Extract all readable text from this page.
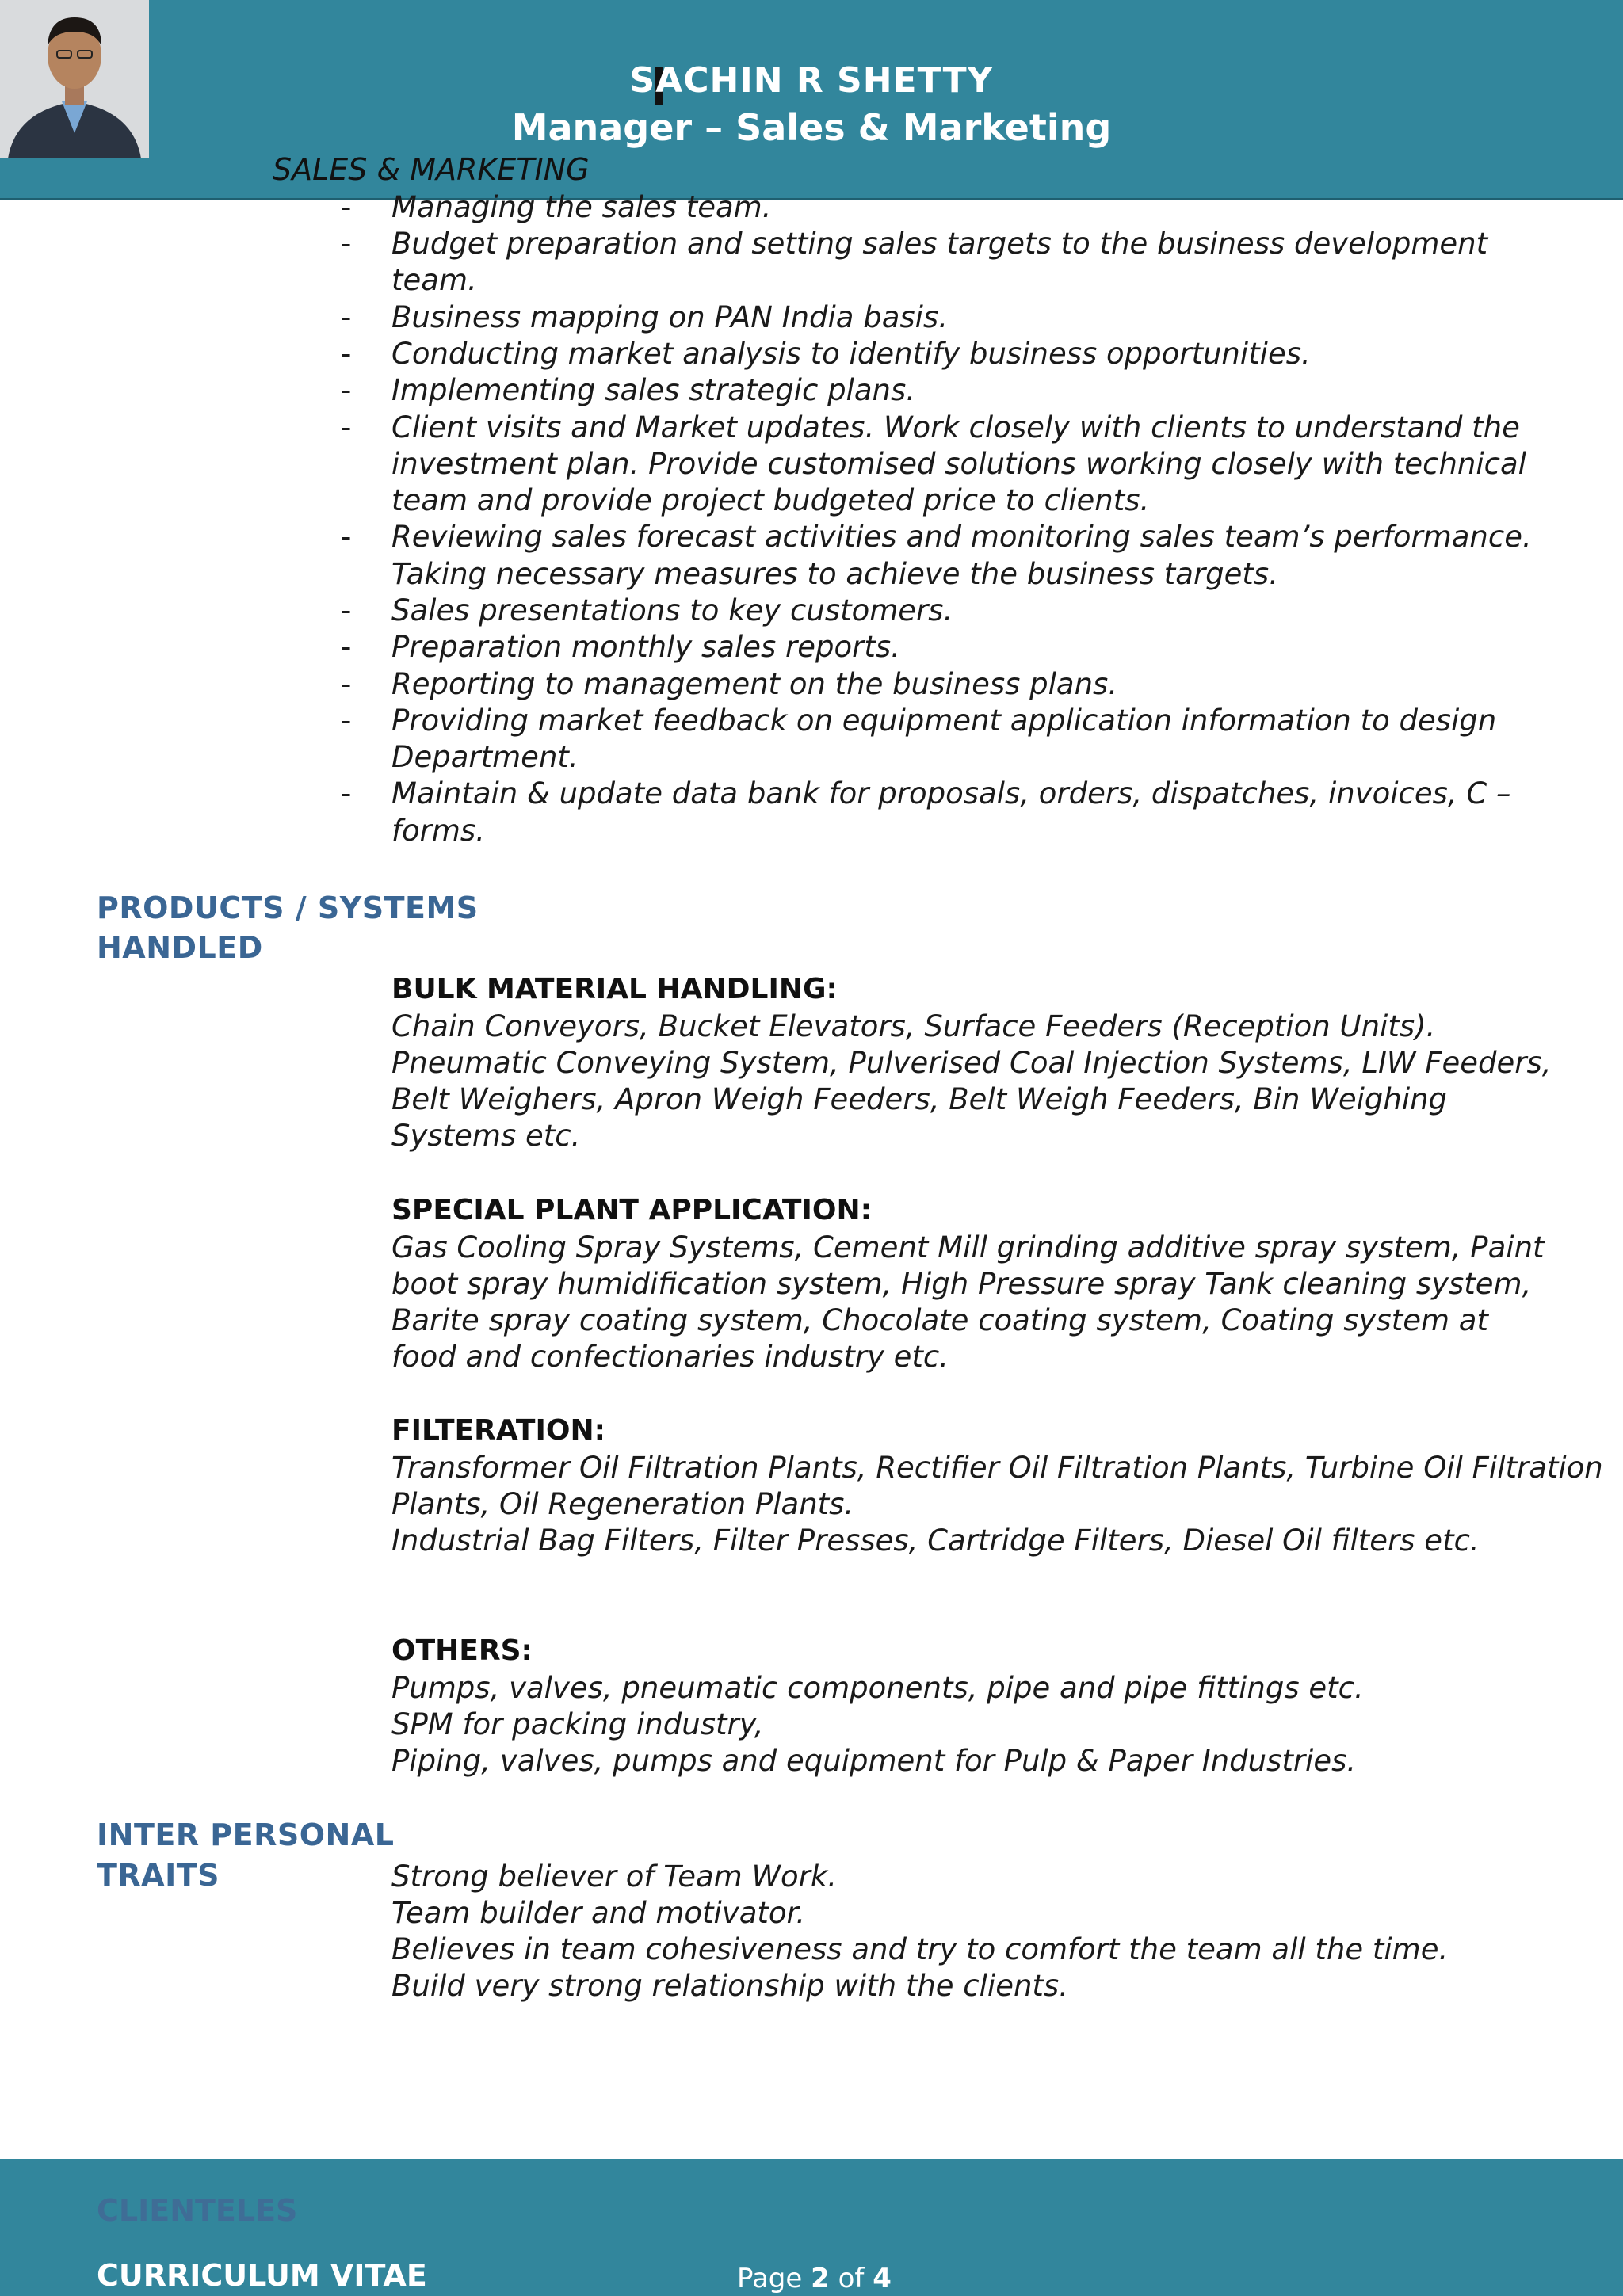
SACHIN R SHETTY
Manager – Sales & Marketing
SALES & MARKETING
- Managing the sales team.
- Budget preparation and setting sales targets to the business development
team.
- Business mapping on PAN India basis.
- Conducting market analysis to identify business opportunities.
- Implementing sales strategic plans.
- Client visits and Market updates. Work closely with clients to understand the
investment plan. Provide customised solutions working closely with technical
team and provide project budgeted price to clients.
- Reviewing sales forecast activities and monitoring sales team’s performance.
Taking necessary measures to achieve the business targets.
- Sales presentations to key customers.
- Preparation monthly sales reports.
- Reporting to management on the business plans.
- Providing market feedback on equipment application information to design
Department.
- Maintain & update data bank for proposals, orders, dispatches, invoices, C –
forms.
PRODUCTS / SYSTEMS
HANDLED
BULK MATERIAL HANDLING:
Chain Conveyors, Bucket Elevators, Surface Feeders (Reception Units).
Pneumatic Conveying System, Pulverised Coal Injection Systems, LIW Feeders,
Belt Weighers, Apron Weigh Feeders, Belt Weigh Feeders, Bin Weighing
Systems etc.
SPECIAL PLANT APPLICATION:
Gas Cooling Spray Systems, Cement Mill grinding additive spray system, Paint
boot spray humidification system, High Pressure spray Tank cleaning system,
Barite spray coating system, Chocolate coating system, Coating system at
food and confectionaries industry etc.
FILTERATION:
Transformer Oil Filtration Plants, Rectifier Oil Filtration Plants, Turbine Oil Filtration
Plants, Oil Regeneration Plants.
Industrial Bag Filters, Filter Presses, Cartridge Filters, Diesel Oil filters etc.
OTHERS:
Pumps, valves, pneumatic components, pipe and pipe fittings etc.
SPM for packing industry,
Piping, valves, pumps and equipment for Pulp & Paper Industries.
INTER PERSONAL
TRAITS	Strong believer of Team Work.
Team builder and motivator.
Believes in team cohesiveness and try to comfort the team all the time.
Build very strong relationship with the clients.
CLIENTELES
CURRICULUM VITAE	Page 2 of 4
